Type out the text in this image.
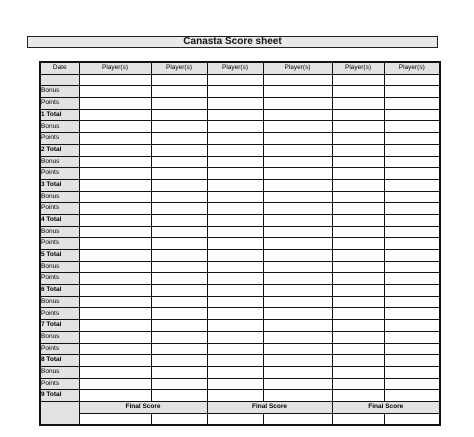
Canasta Score sheet
Date	Player(s)	Player(s)	Player(s)	Player(s)	Player(s)	Player(s)

Bonus						
Points						
1 Total						
Bonus						
Points						
2 Total						
Bonus						
Points						
3 Total						
Bonus						
Points						
4 Total						
Bonus						
Points						
5 Total						
Bonus						
Points						
6 Total						
Bonus						
Points						
7 Total						
Bonus						
Points						
8 Total						
Bonus						
Points						
9 Total						
	Final Score		Final Score		Final Score	
